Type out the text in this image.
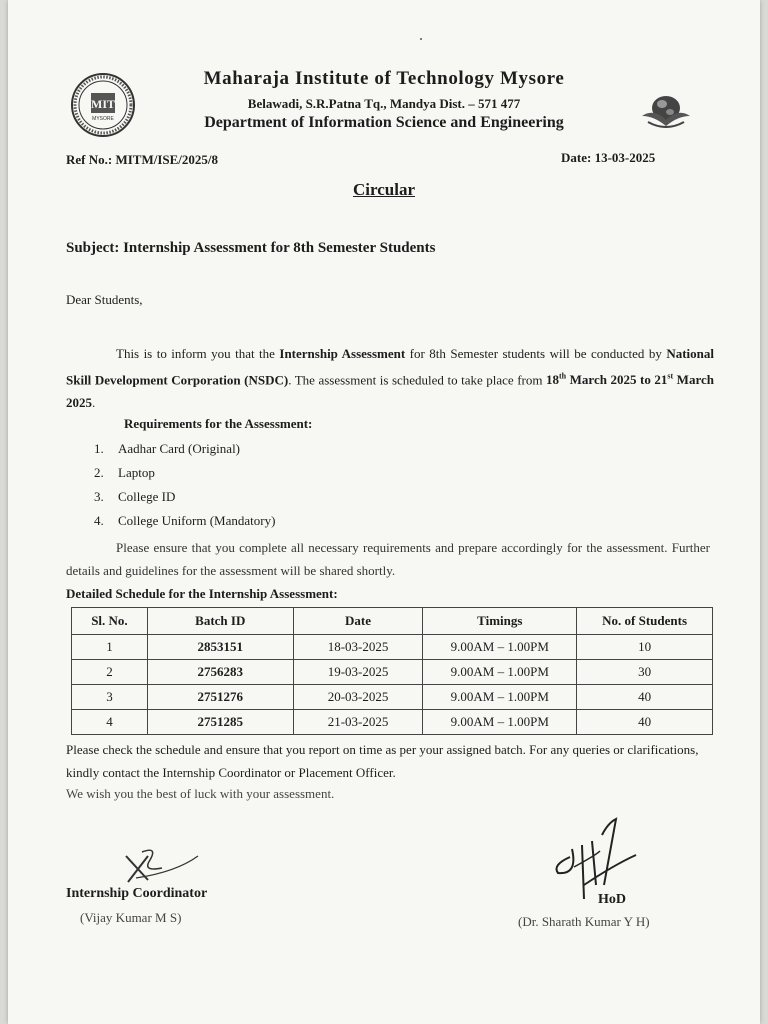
MIT
MYSORE
Maharaja Institute of Technology Mysore
Belawadi, S.R.Patna Tq., Mandya Dist. – 571 477
Department of Information Science and Engineering
Ref No.: MITM/ISE/2025/8	Date: 13-03-2025
Circular
Subject: Internship Assessment for 8th Semester Students
Dear Students,
This is to inform you that the Internship Assessment for 8th Semester students will be conducted by National Skill Development Corporation (NSDC). The assessment is scheduled to take place from 18th March 2025 to 21st March 2025.
Requirements for the Assessment:
1. Aadhar Card (Original)
2. Laptop
3. College ID
4. College Uniform (Mandatory)
Please ensure that you complete all necessary requirements and prepare accordingly for the assessment. Further details and guidelines for the assessment will be shared shortly.
Detailed Schedule for the Internship Assessment:
Sl. No.	Batch ID	Date	Timings	No. of Students
1	2853151	18-03-2025	9.00AM – 1.00PM	10
2	2756283	19-03-2025	9.00AM – 1.00PM	30
3	2751276	20-03-2025	9.00AM – 1.00PM	40
4	2751285	21-03-2025	9.00AM – 1.00PM	40
Please check the schedule and ensure that you report on time as per your assigned batch. For any queries or clarifications, kindly contact the Internship Coordinator or Placement Officer.
We wish you the best of luck with your assessment.
Internship Coordinator
(Vijay Kumar M S)
HoD
(Dr. Sharath Kumar Y H)
